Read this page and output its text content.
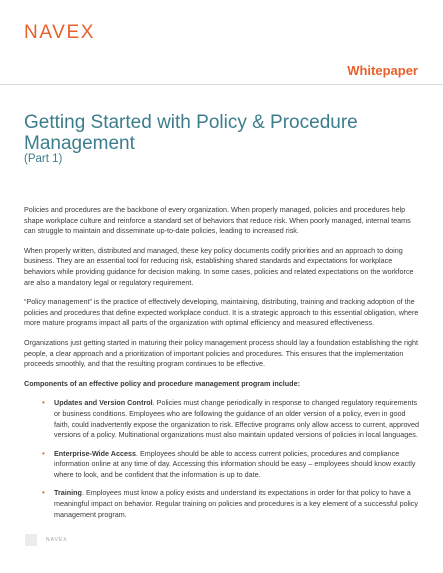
NAVEX
Whitepaper
Getting Started with Policy & Procedure Management
(Part 1)

Policies and procedures are the backbone of every organization. When properly managed, policies and procedures help shape workplace culture and reinforce a standard set of behaviors that reduce risk. When poorly managed, internal teams can struggle to maintain and disseminate up-to-date policies, leading to increased risk.

When properly written, distributed and managed, these key policy documents codify priorities and an approach to doing business. They are an essential tool for reducing risk, establishing shared standards and expectations for workplace behaviors while providing guidance for decision making. In some cases, policies and related expectations on the workforce are also a mandatory legal or regulatory requirement.

“Policy management” is the practice of effectively developing, maintaining, distributing, training and tracking adoption of the policies and procedures that define expected workplace conduct. It is a strategic approach to this essential obligation, where more mature programs impact all parts of the organization with optimal efficiency and measured effectiveness.

Organizations just getting started in maturing their policy management process should lay a foundation establishing the right people, a clear approach and a prioritization of important policies and procedures. This ensures that the implementation proceeds smoothly, and that the resulting program continues to be effective.

Components of an effective policy and procedure management program include:

• Updates and Version Control. Policies must change periodically in response to changed regulatory requirements or business conditions. Employees who are following the guidance of an older version of a policy, even in good faith, could inadvertently expose the organization to risk. Effective programs only allow access to current, approved versions of a policy. Multinational organizations must also maintain updated versions of policies in local languages.
• Enterprise-Wide Access. Employees should be able to access current policies, procedures and compliance information online at any time of day. Accessing this information should be easy – employees should know exactly where to look, and be confident that the information is up to date.
• Training. Employees must know a policy exists and understand its expectations in order for that policy to have a meaningful impact on behavior. Regular training on policies and procedures is a key element of a successful policy management program.
NAVEX
